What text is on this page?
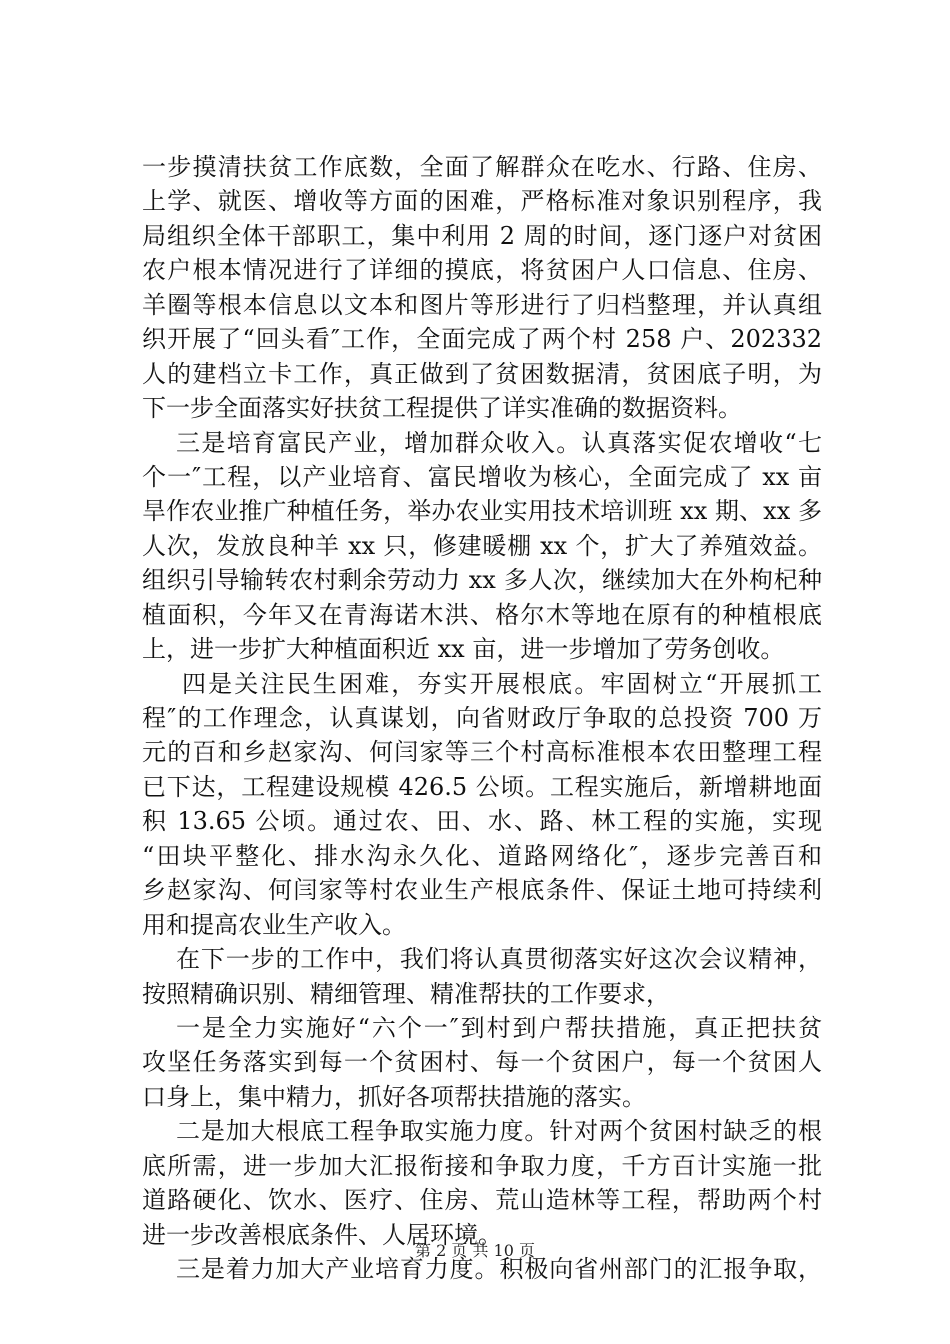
一步摸清扶贫工作底数，全面了解群众在吃水、行路、住房、
上学、就医、增收等方面的困难，严格标准对象识别程序，我
局组织全体干部职工，集中利用 2 周的时间，逐门逐户对贫困
农户根本情况进行了详细的摸底，将贫困户人口信息、住房、
羊圈等根本信息以文本和图片等形进行了归档整理，并认真组
织开展了“回头看″工作，全面完成了两个村 258 户、202332
人的建档立卡工作，真正做到了贫困数据清，贫困底子明，为
下一步全面落实好扶贫工程提供了详实准确的数据资料。
三是培育富民产业，增加群众收入。认真落实促农增收“七
个一″工程，以产业培育、富民增收为核心，全面完成了 xx 亩
旱作农业推广种植任务，举办农业实用技术培训班 xx 期、xx 多
人次，发放良种羊 xx 只，修建暖棚 xx 个，扩大了养殖效益。
组织引导输转农村剩余劳动力 xx 多人次，继续加大在外枸杞种
植面积，今年又在青海诺木洪、格尔木等地在原有的种植根底
上，进一步扩大种植面积近 xx 亩，进一步增加了劳务创收。
四是关注民生困难，夯实开展根底。牢固树立“开展抓工
程″的工作理念，认真谋划，向省财政厅争取的总投资 700 万
元的百和乡赵家沟、何闫家等三个村高标准根本农田整理工程
已下达，工程建设规模 426.5 公顷。工程实施后，新增耕地面
积 13.65 公顷。通过农、田、水、路、林工程的实施，实现
“田块平整化、排水沟永久化、道路网络化″，逐步完善百和
乡赵家沟、何闫家等村农业生产根底条件、保证土地可持续利
用和提高农业生产收入。
在下一步的工作中，我们将认真贯彻落实好这次会议精神，
按照精确识别、精细管理、精准帮扶的工作要求，
一是全力实施好“六个一″到村到户帮扶措施，真正把扶贫
攻坚任务落实到每一个贫困村、每一个贫困户，每一个贫困人
口身上，集中精力，抓好各项帮扶措施的落实。
二是加大根底工程争取实施力度。针对两个贫困村缺乏的根
底所需，进一步加大汇报衔接和争取力度，千方百计实施一批
道路硬化、饮水、医疗、住房、荒山造林等工程，帮助两个村
进一步改善根底条件、人居环境。
三是着力加大产业培育力度。积极向省州部门的汇报争取，
第 2 页 共 10 页
